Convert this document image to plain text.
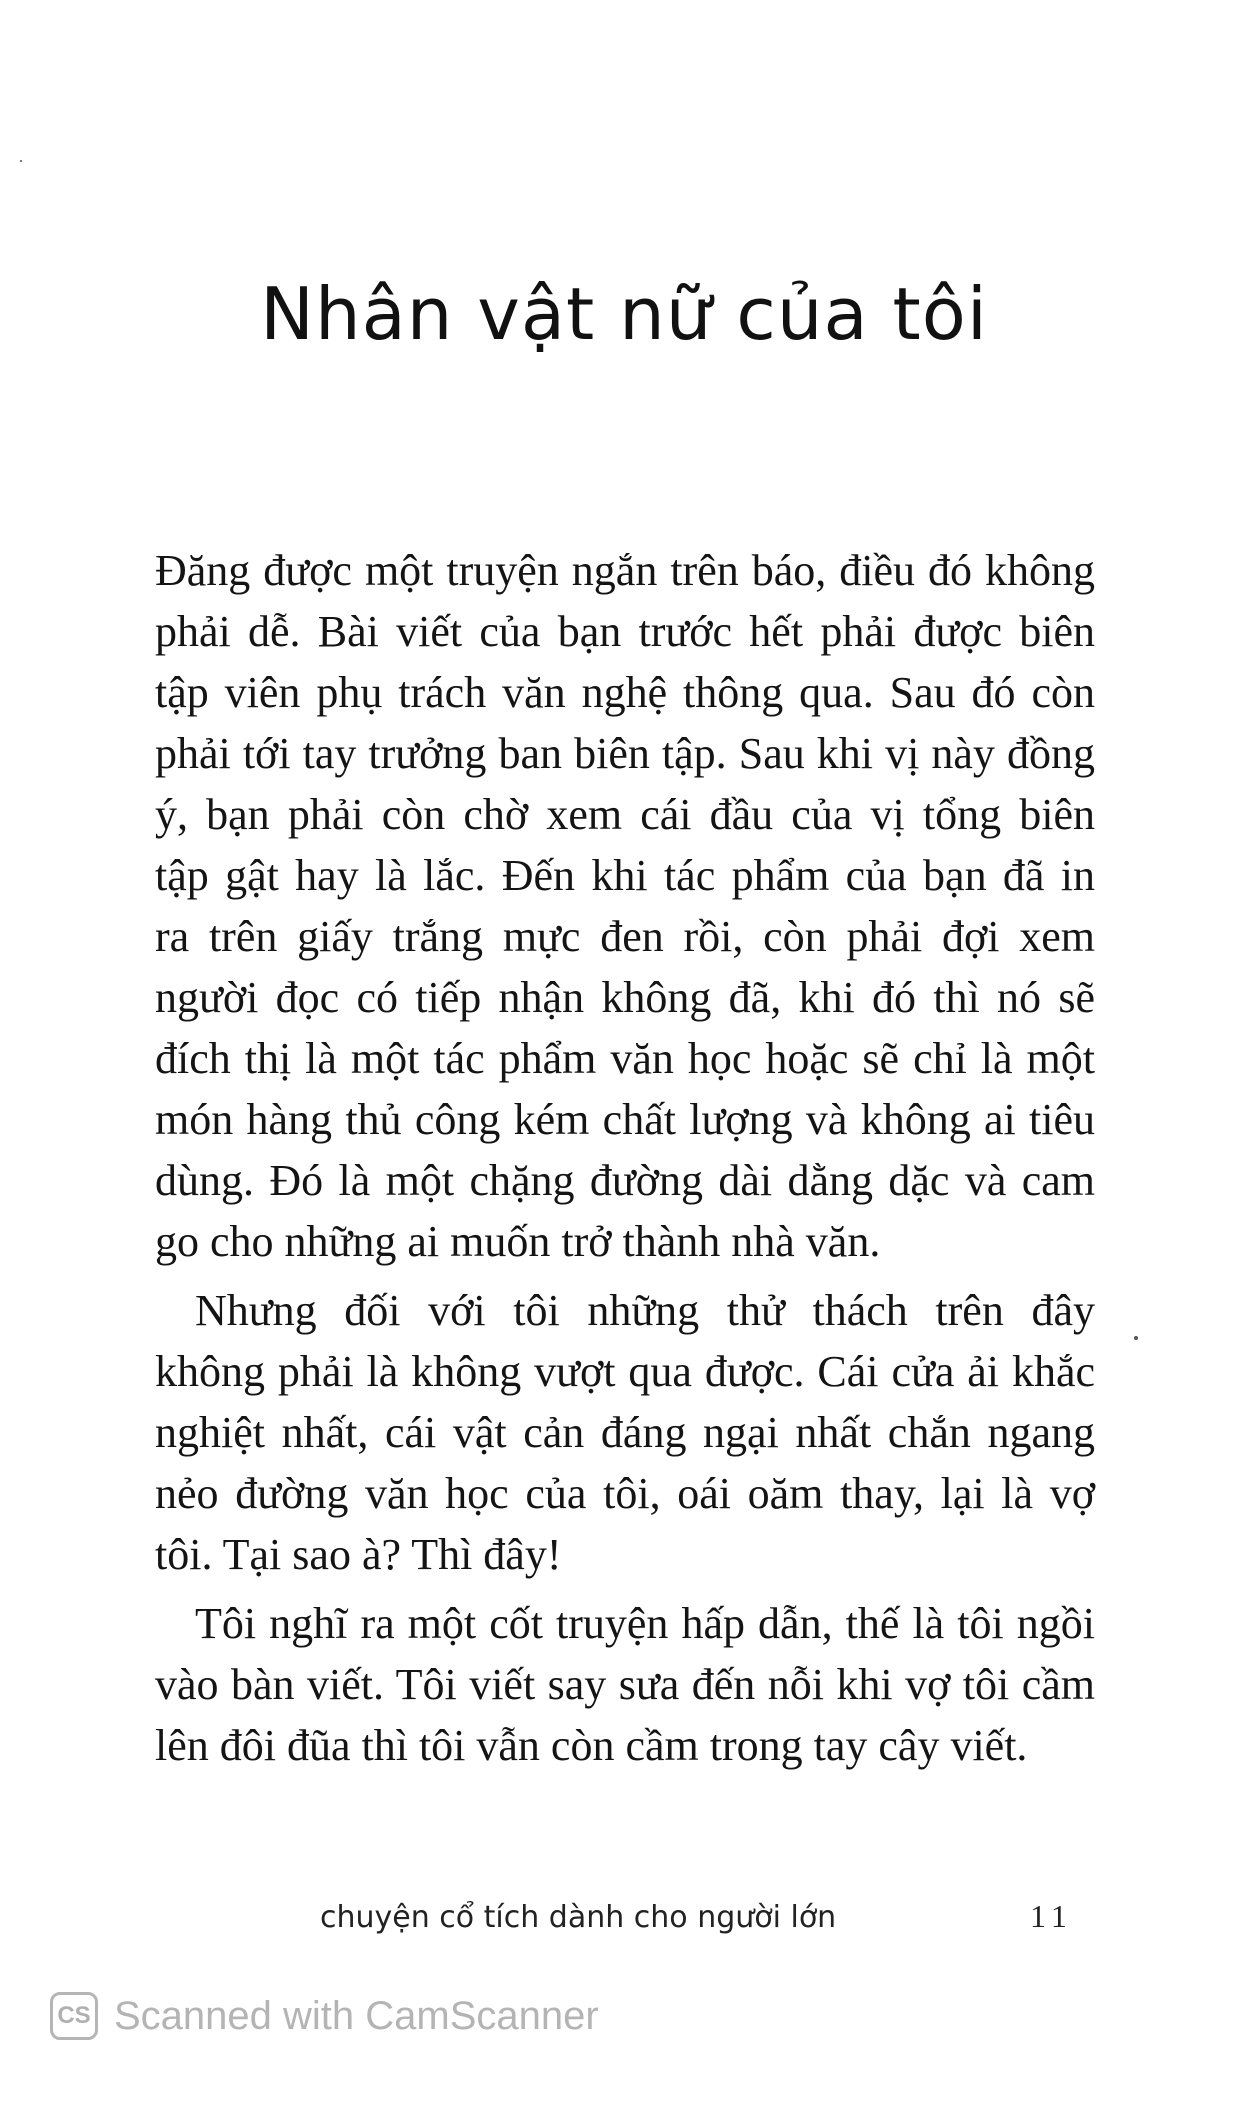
Nhân vật nữ của tôi
Đăng được một truyện ngắn trên báo, điều đó không
phải dễ. Bài viết của bạn trước hết phải được biên
tập viên phụ trách văn nghệ thông qua. Sau đó còn
phải tới tay trưởng ban biên tập. Sau khi vị này đồng
ý, bạn phải còn chờ xem cái đầu của vị tổng biên
tập gật hay là lắc. Đến khi tác phẩm của bạn đã in
ra trên giấy trắng mực đen rồi, còn phải đợi xem
người đọc có tiếp nhận không đã, khi đó thì nó sẽ
đích thị là một tác phẩm văn học hoặc sẽ chỉ là một
món hàng thủ công kém chất lượng và không ai tiêu
dùng. Đó là một chặng đường dài dằng dặc và cam
go cho những ai muốn trở thành nhà văn.
Nhưng đối với tôi những thử thách trên đây
không phải là không vượt qua được. Cái cửa ải khắc
nghiệt nhất, cái vật cản đáng ngại nhất chắn ngang
nẻo đường văn học của tôi, oái oăm thay, lại là vợ
tôi. Tại sao à? Thì đây!
Tôi nghĩ ra một cốt truyện hấp dẫn, thế là tôi ngồi
vào bàn viết. Tôi viết say sưa đến nỗi khi vợ tôi cầm
lên đôi đũa thì tôi vẫn còn cầm trong tay cây viết.
chuyện cổ tích dành cho người lớn	11
CS Scanned with CamScanner
